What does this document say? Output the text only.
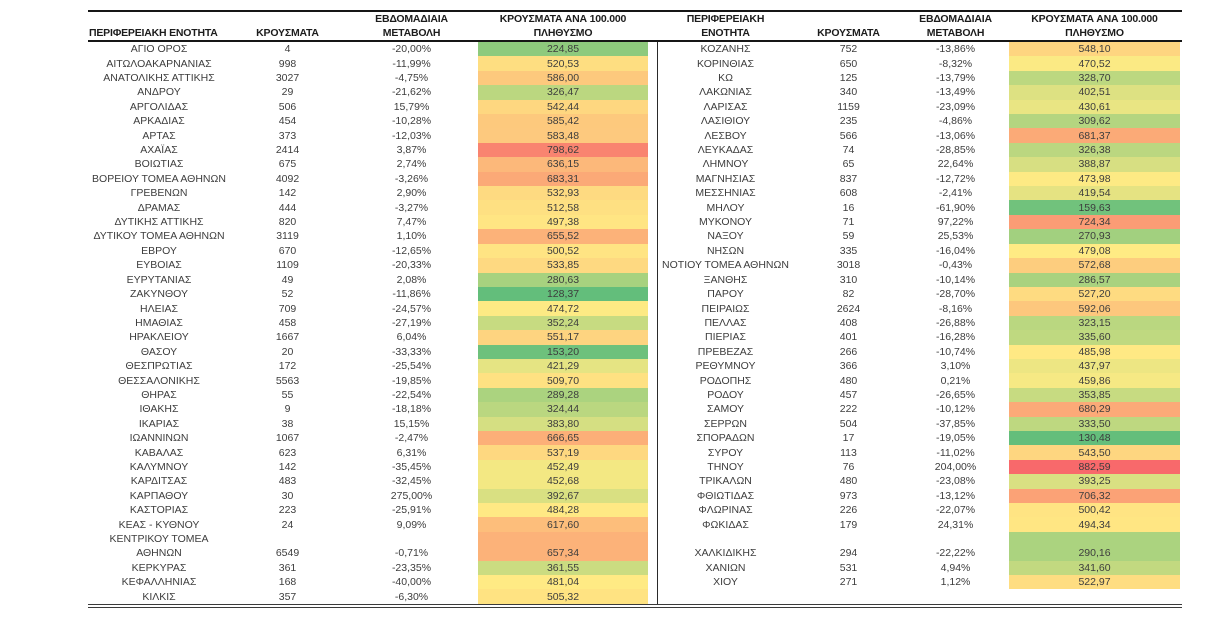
ΠΕΡΙΦΕΡΕΙΑΚΗ ΕΝΟΤΗΤΑ	ΚΡΟΥΣΜΑΤΑ
ΕΒΔΟΜΑΔΙΑΙΑ
ΜΕΤΑΒΟΛΗ
ΚΡΟΥΣΜΑΤΑ ΑΝΑ 100.000
ΠΛΗΘΥΣΜΟ
ΠΕΡΙΦΕΡΕΙΑΚΗ
ΕΝΟΤΗΤΑ	ΚΡΟΥΣΜΑΤΑ
ΕΒΔΟΜΑΔΙΑΙΑ
ΜΕΤΑΒΟΛΗ
ΚΡΟΥΣΜΑΤΑ ΑΝΑ 100.000
ΠΛΗΘΥΣΜΟ
ΑΓΙΟ ΟΡΟΣ	4	-20,00%	224,85
ΑΙΤΩΛΟΑΚΑΡΝΑΝΙΑΣ	998	-11,99%	520,53
ΑΝΑΤΟΛΙΚΗΣ ΑΤΤΙΚΗΣ	3027	-4,75%	586,00
ΑΝΔΡΟΥ	29	-21,62%	326,47
ΑΡΓΟΛΙΔΑΣ	506	15,79%	542,44
ΑΡΚΑΔΙΑΣ	454	-10,28%	585,42
ΑΡΤΑΣ	373	-12,03%	583,48
ΑΧΑΪΑΣ	2414	3,87%	798,62
ΒΟΙΩΤΙΑΣ	675	2,74%	636,15
ΒΟΡΕΙΟΥ ΤΟΜΕΑ ΑΘΗΝΩΝ	4092	-3,26%	683,31
ΓΡΕΒΕΝΩΝ	142	2,90%	532,93
ΔΡΑΜΑΣ	444	-3,27%	512,58
ΔΥΤΙΚΗΣ ΑΤΤΙΚΗΣ	820	7,47%	497,38
ΔΥΤΙΚΟΥ ΤΟΜΕΑ ΑΘΗΝΩΝ	3119	1,10%	655,52
ΕΒΡΟΥ	670	-12,65%	500,52
ΕΥΒΟΙΑΣ	1109	-20,33%	533,85
ΕΥΡΥΤΑΝΙΑΣ	49	2,08%	280,63
ΖΑΚΥΝΘΟΥ	52	-11,86%	128,37
ΗΛΕΙΑΣ	709	-24,57%	474,72
ΗΜΑΘΙΑΣ	458	-27,19%	352,24
ΗΡΑΚΛΕΙΟΥ	1667	6,04%	551,17
ΘΑΣΟΥ	20	-33,33%	153,20
ΘΕΣΠΡΩΤΙΑΣ	172	-25,54%	421,29
ΘΕΣΣΑΛΟΝΙΚΗΣ	5563	-19,85%	509,70
ΘΗΡΑΣ	55	-22,54%	289,28
ΙΘΑΚΗΣ	9	-18,18%	324,44
ΙΚΑΡΙΑΣ	38	15,15%	383,80
ΙΩΑΝΝΙΝΩΝ	1067	-2,47%	666,65
ΚΑΒΑΛΑΣ	623	6,31%	537,19
ΚΑΛΥΜΝΟΥ	142	-35,45%	452,49
ΚΑΡΔΙΤΣΑΣ	483	-32,45%	452,68
ΚΑΡΠΑΘΟΥ	30	275,00%	392,67
ΚΑΣΤΟΡΙΑΣ	223	-25,91%	484,28
ΚΕΑΣ - ΚΥΘΝΟΥ	24	9,09%	617,60
ΚΕΝΤΡΙΚΟΥ ΤΟΜΕΑ
ΑΘΗΝΩΝ	6549	-0,71%	657,34
ΚΕΡΚΥΡΑΣ	361	-23,35%	361,55
ΚΕΦΑΛΛΗΝΙΑΣ	168	-40,00%	481,04
ΚΙΛΚΙΣ	357	-6,30%	505,32
ΚΟΖΑΝΗΣ	752	-13,86%	548,10
ΚΟΡΙΝΘΙΑΣ	650	-8,32%	470,52
ΚΩ	125	-13,79%	328,70
ΛΑΚΩΝΙΑΣ	340	-13,49%	402,51
ΛΑΡΙΣΑΣ	1159	-23,09%	430,61
ΛΑΣΙΘΙΟΥ	235	-4,86%	309,62
ΛΕΣΒΟΥ	566	-13,06%	681,37
ΛΕΥΚΑΔΑΣ	74	-28,85%	326,38
ΛΗΜΝΟΥ	65	22,64%	388,87
ΜΑΓΝΗΣΙΑΣ	837	-12,72%	473,98
ΜΕΣΣΗΝΙΑΣ	608	-2,41%	419,54
ΜΗΛΟΥ	16	-61,90%	159,63
ΜΥΚΟΝΟΥ	71	97,22%	724,34
ΝΑΞΟΥ	59	25,53%	270,93
ΝΗΣΩΝ	335	-16,04%	479,08
ΝΟΤΙΟΥ ΤΟΜΕΑ ΑΘΗΝΩΝ	3018	-0,43%	572,68
ΞΑΝΘΗΣ	310	-10,14%	286,57
ΠΑΡΟΥ	82	-28,70%	527,20
ΠΕΙΡΑΙΩΣ	2624	-8,16%	592,06
ΠΕΛΛΑΣ	408	-26,88%	323,15
ΠΙΕΡΙΑΣ	401	-16,28%	335,60
ΠΡΕΒΕΖΑΣ	266	-10,74%	485,98
ΡΕΘΥΜΝΟΥ	366	3,10%	437,97
ΡΟΔΟΠΗΣ	480	0,21%	459,86
ΡΟΔΟΥ	457	-26,65%	353,85
ΣΑΜΟΥ	222	-10,12%	680,29
ΣΕΡΡΩΝ	504	-37,85%	333,50
ΣΠΟΡΑΔΩΝ	17	-19,05%	130,48
ΣΥΡΟΥ	113	-11,02%	543,50
ΤΗΝΟΥ	76	204,00%	882,59
ΤΡΙΚΑΛΩΝ	480	-23,08%	393,25
ΦΘΙΩΤΙΔΑΣ	973	-13,12%	706,32
ΦΛΩΡΙΝΑΣ	226	-22,07%	500,42
ΦΩΚΙΔΑΣ	179	24,31%	494,34
ΧΑΛΚΙΔΙΚΗΣ	294	-22,22%	290,16
ΧΑΝΙΩΝ	531	4,94%	341,60
ΧΙΟΥ	271	1,12%	522,97
